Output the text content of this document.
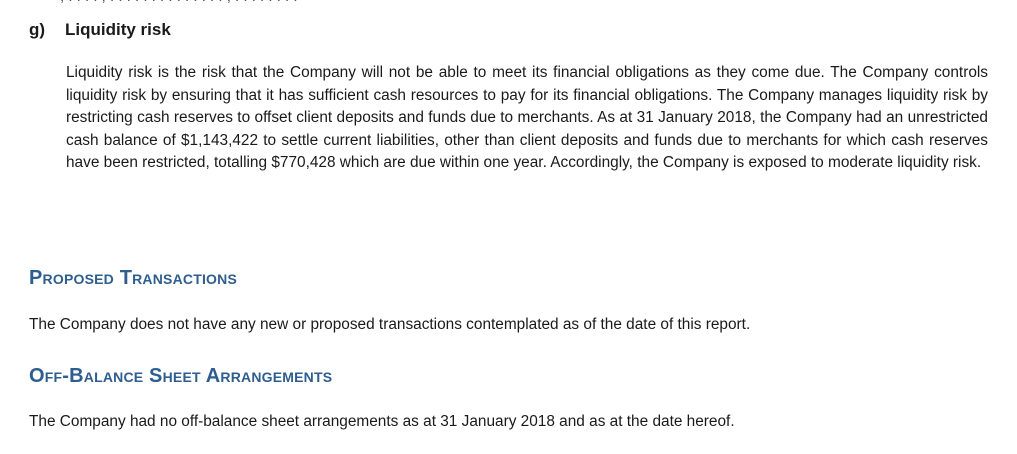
g) Liquidity risk

Liquidity risk is the risk that the Company will not be able to meet its financial obligations as they come due. The Company controls liquidity risk by ensuring that it has sufficient cash resources to pay for its financial obligations. The Company manages liquidity risk by restricting cash reserves to offset client deposits and funds due to merchants. As at 31 January 2018, the Company had an unrestricted cash balance of $1,143,422 to settle current liabilities, other than client deposits and funds due to merchants for which cash reserves have been restricted, totalling $770,428 which are due within one year. Accordingly, the Company is exposed to moderate liquidity risk.

Proposed Transactions

The Company does not have any new or proposed transactions contemplated as of the date of this report.

Off-Balance Sheet Arrangements

The Company had no off-balance sheet arrangements as at 31 January 2018 and as at the date hereof.
